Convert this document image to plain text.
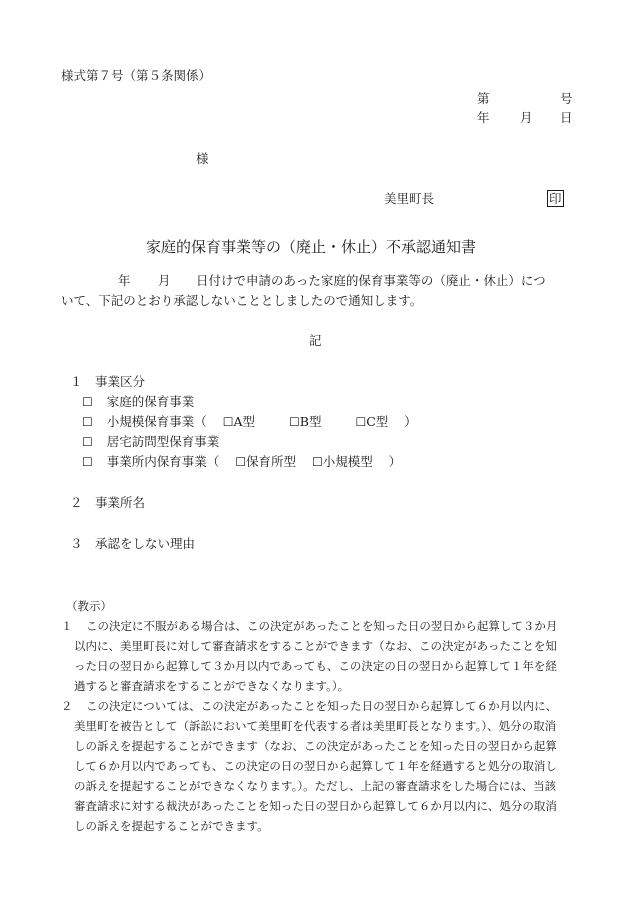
様式第７号（第５条関係）
第	号
年 月 日
様
美里町長	印
家庭的保育事業等の（廃止・休止）不承認通知書
年 月 日付けで申請のあった家庭的保育事業等の（廃止・休止）につ
いて、下記のとおり承認しないこととしましたので通知します。
記
１　事業区分
☐ 家庭的保育事業
☐ 小規模保育事業（ ☐A型	☐B型	☐C型 ）
☐ 居宅訪問型保育事業
☐ 事業所内保育事業（ ☐保育所型 ☐小規模型 ）
２　事業所名
３　承認をしない理由
（教示）
１ この決定に不服がある場合は、この決定があったことを知った日の翌日から起算して３か月
以内に、美里町長に対して審査請求をすることができます（なお、この決定があったことを知
った日の翌日から起算して３か月以内であっても、この決定の日の翌日から起算して１年を経
過すると審査請求をすることができなくなります。）。
２ この決定については、この決定があったことを知った日の翌日から起算して６か月以内に、
美里町を被告として（訴訟において美里町を代表する者は美里町長となります。）、処分の取消
しの訴えを提起することができます（なお、この決定があったことを知った日の翌日から起算
して６か月以内であっても、この決定の日の翌日から起算して１年を経過すると処分の取消し
の訴えを提起することができなくなります。）。ただし、上記の審査請求をした場合には、当該
審査請求に対する裁決があったことを知った日の翌日から起算して６か月以内に、処分の取消
しの訴えを提起することができます。
